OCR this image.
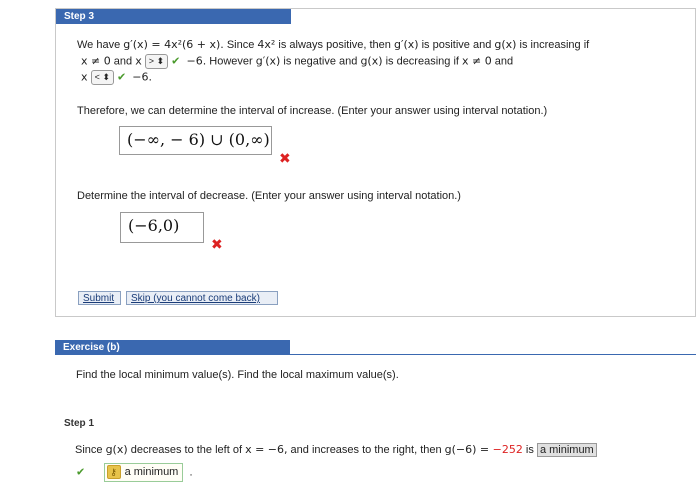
Step 3
We have g′(x) = 4x²(6 + x). Since 4x² is always positive, then g′(x) is positive and g(x) is increasing if
x ≠ 0 and x > ⬍ ✔ −6. However g′(x) is negative and g(x) is decreasing if x ≠ 0 and
x < ⬍ ✔ −6.
Therefore, we can determine the interval of increase. (Enter your answer using interval notation.)
(−∞, − 6) ∪ (0,∞)
✖
Determine the interval of decrease. (Enter your answer using interval notation.)
(−6,0)
✖
Submit	Skip (you cannot come back)
Exercise (b)
Find the local minimum value(s). Find the local maximum value(s).
Step 1
Since g(x) decreases to the left of x = −6, and increases to the right, then g(−6) = −252 is a minimum
✔	⚷ a minimum .
